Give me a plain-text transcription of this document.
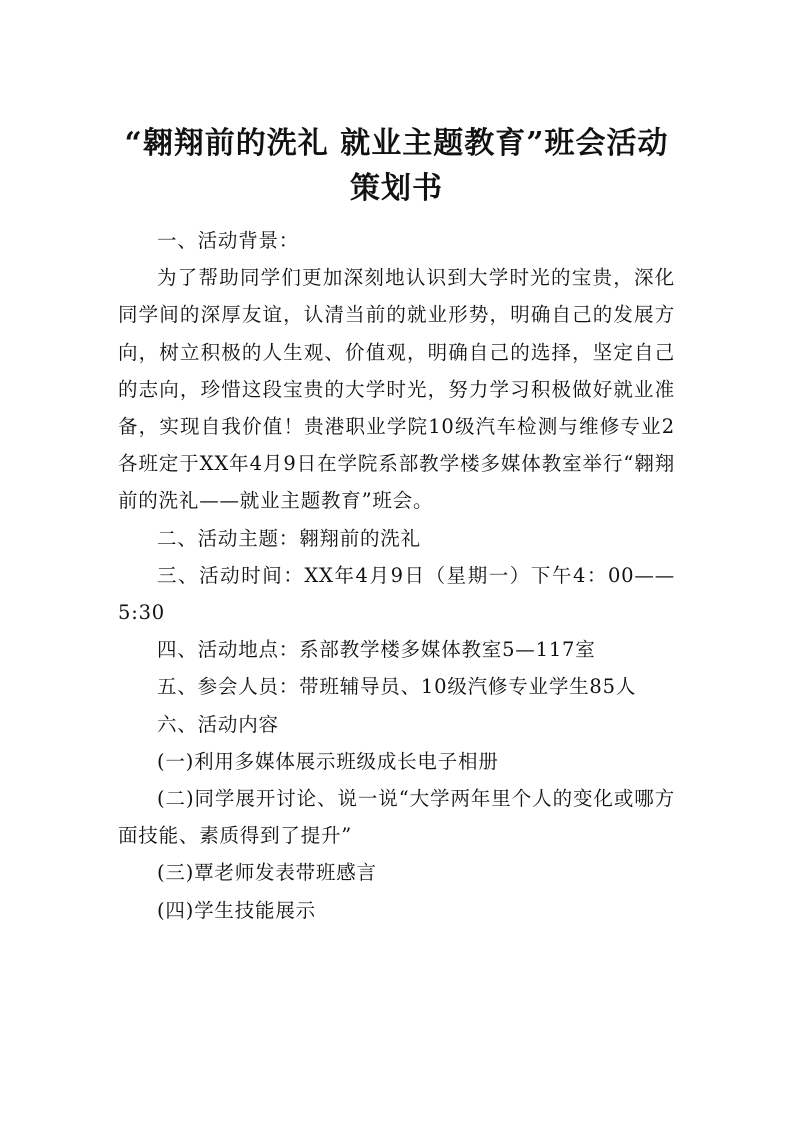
“翱翔前的洗礼 就业主题教育”班会活动策划书

一、活动背景：

为了帮助同学们更加深刻地认识到大学时光的宝贵，深化同学间的深厚友谊，认清当前的就业形势，明确自己的发展方向，树立积极的人生观、价值观，明确自己的选择，坚定自己的志向，珍惜这段宝贵的大学时光，努力学习积极做好就业准备，实现自我价值！贵港职业学院10级汽车检测与维修专业2各班定于XX年4月9日在学院系部教学楼多媒体教室举行“翱翔前的洗礼——就业主题教育”班会。

二、活动主题：翱翔前的洗礼

三、活动时间：XX年4月9日（星期一）下午4：00——5:30

四、活动地点：系部教学楼多媒体教室5—117室

五、参会人员：带班辅导员、10级汽修专业学生85人

六、活动内容

(一)利用多媒体展示班级成长电子相册

(二)同学展开讨论、说一说“大学两年里个人的变化或哪方面技能、素质得到了提升”

(三)覃老师发表带班感言

(四)学生技能展示
